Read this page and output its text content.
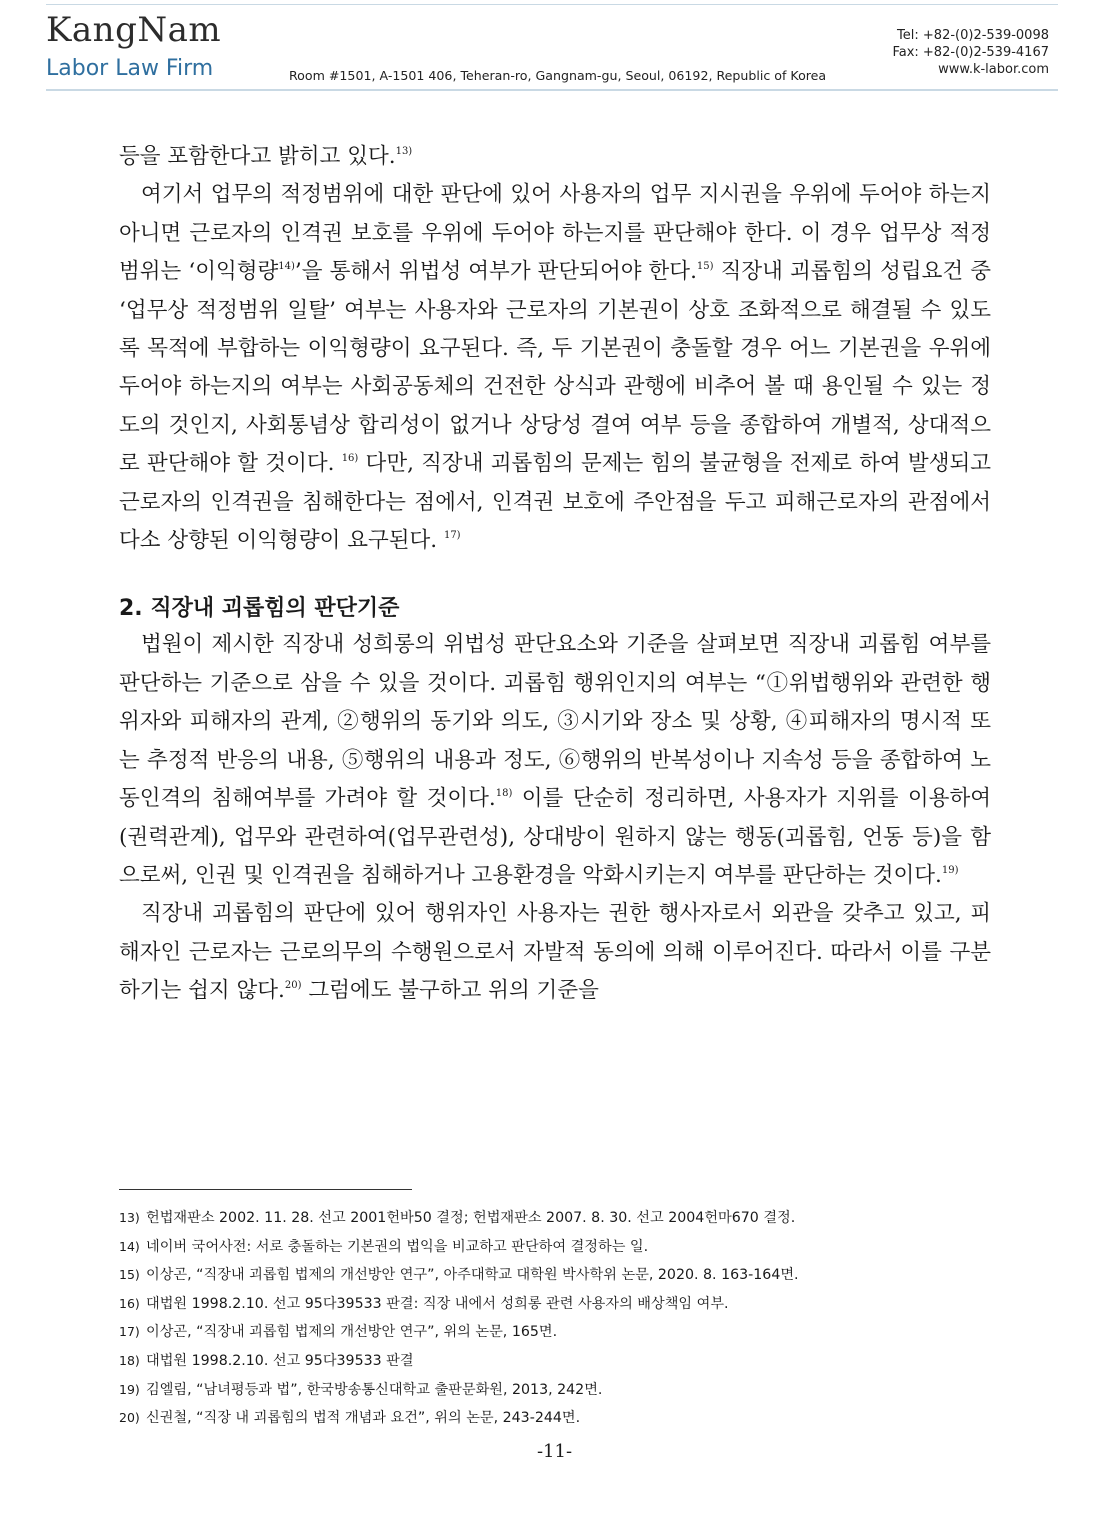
KangNam
Labor Law Firm	Room #1501, A-1501 406, Teheran-ro, Gangnam-gu, Seoul, 06192, Republic of Korea
Tel: +82-(0)2-539-0098
Fax: +82-(0)2-539-4167
www.k-labor.com

등을 포함한다고 밝히고 있다.$^{13)}$

여기서 업무의 적정범위에 대한 판단에 있어 사용자의 업무 지시권을 우위에 두어야 하는지 아니면 근로자의 인격권 보호를 우위에 두어야 하는지를 판단해야 한다. 이 경우 업무상 적정범위는 ‘이익형량$^{14)}$’을 통해서 위법성 여부가 판단되어야 한다.$^{15)}$ 직장내 괴롭힘의 성립요건 중 ‘업무상 적정범위 일탈’ 여부는 사용자와 근로자의 기본권이 상호 조화적으로 해결될 수 있도록 목적에 부합하는 이익형량이 요구된다. 즉, 두 기본권이 충돌할 경우 어느 기본권을 우위에 두어야 하는지의 여부는 사회공동체의 건전한 상식과 관행에 비추어 볼 때 용인될 수 있는 정도의 것인지, 사회통념상 합리성이 없거나 상당성 결여 여부 등을 종합하여 개별적, 상대적으로 판단해야 할 것이다. $^{16)}$ 다만, 직장내 괴롭힘의 문제는 힘의 불균형을 전제로 하여 발생되고 근로자의 인격권을 침해한다는 점에서, 인격권 보호에 주안점을 두고 피해근로자의 관점에서 다소 상향된 이익형량이 요구된다. $^{17)}$

2. 직장내 괴롭힘의 판단기준

법원이 제시한 직장내 성희롱의 위법성 판단요소와 기준을 살펴보면 직장내 괴롭힘 여부를 판단하는 기준으로 삼을 수 있을 것이다. 괴롭힘 행위인지의 여부는 “①위법행위와 관련한 행위자와 피해자의 관계, ②행위의 동기와 의도, ③시기와 장소 및 상황, ④피해자의 명시적 또는 추정적 반응의 내용, ⑤행위의 내용과 정도, ⑥행위의 반복성이나 지속성 등을 종합하여 노동인격의 침해여부를 가려야 할 것이다.$^{18)}$ 이를 단순히 정리하면, 사용자가 지위를 이용하여(권력관계), 업무와 관련하여(업무관련성), 상대방이 원하지 않는 행동(괴롭힘, 언동 등)을 함으로써, 인권 및 인격권을 침해하거나 고용환경을 악화시키는지 여부를 판단하는 것이다.$^{19)}$

직장내 괴롭힘의 판단에 있어 행위자인 사용자는 권한 행사자로서 외관을 갖추고 있고, 피해자인 근로자는 근로의무의 수행원으로서 자발적 동의에 의해 이루어진다. 따라서 이를 구분하기는 쉽지 않다.$^{20)}$ 그럼에도 불구하고 위의 기준을

13) 헌법재판소 2002. 11. 28. 선고 2001헌바50 결정; 헌법재판소 2007. 8. 30. 선고 2004헌마670 결정.
14) 네이버 국어사전: 서로 충돌하는 기본권의 법익을 비교하고 판단하여 결정하는 일.
15) 이상곤, “직장내 괴롭힘 법제의 개선방안 연구”, 아주대학교 대학원 박사학위 논문, 2020. 8. 163-164면.
16) 대법원 1998.2.10. 선고 95다39533 판결: 직장 내에서 성희롱 관련 사용자의 배상책임 여부.
17) 이상곤, “직장내 괴롭힘 법제의 개선방안 연구”, 위의 논문, 165면.
18) 대법원 1998.2.10. 선고 95다39533 판결
19) 김엘림, “남녀평등과 법”, 한국방송통신대학교 출판문화원, 2013, 242면.
20) 신권철, “직장 내 괴롭힘의 법적 개념과 요건”, 위의 논문, 243-244면.
-11-
